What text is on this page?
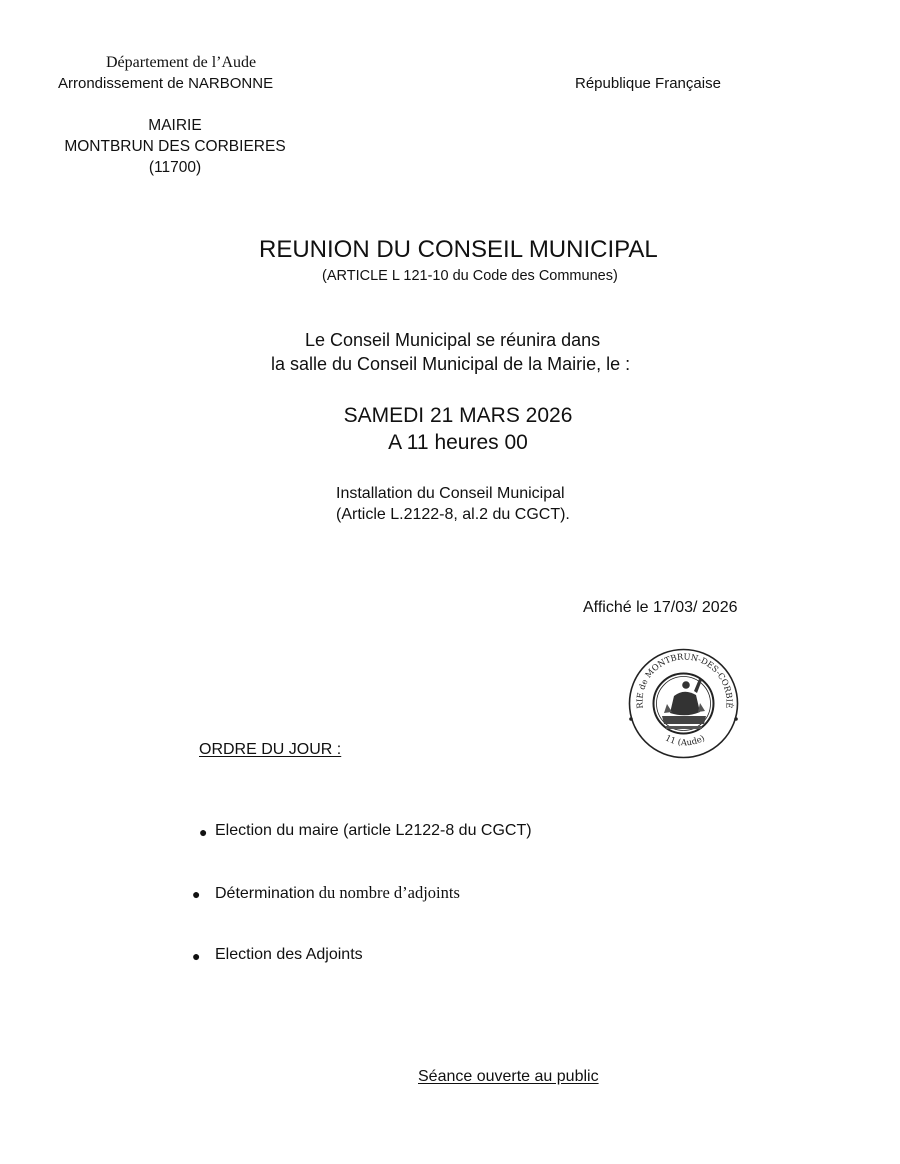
Département de l’Aude
Arrondissement de NARBONNE	République Française
MAIRIE
MONTBRUN DES CORBIERES
(11700)
REUNION DU CONSEIL MUNICIPAL
(ARTICLE L 121-10 du Code des Communes)
Le Conseil Municipal se réunira dans
la salle du Conseil Municipal de la Mairie, le :
SAMEDI 21 MARS 2026
A 11 heures 00
Installation du Conseil Municipal
(Article L.2122-8, al.2 du CGCT).
Affiché le 17/03/ 2026
RIE de MONTBRUN-DES-CORBIÈ
11 (Aude)
ORDRE DU JOUR :
● Election du maire (article L2122-8 du CGCT)
● Détermination du nombre d’adjoints
● Election des Adjoints
Séance ouverte au public
